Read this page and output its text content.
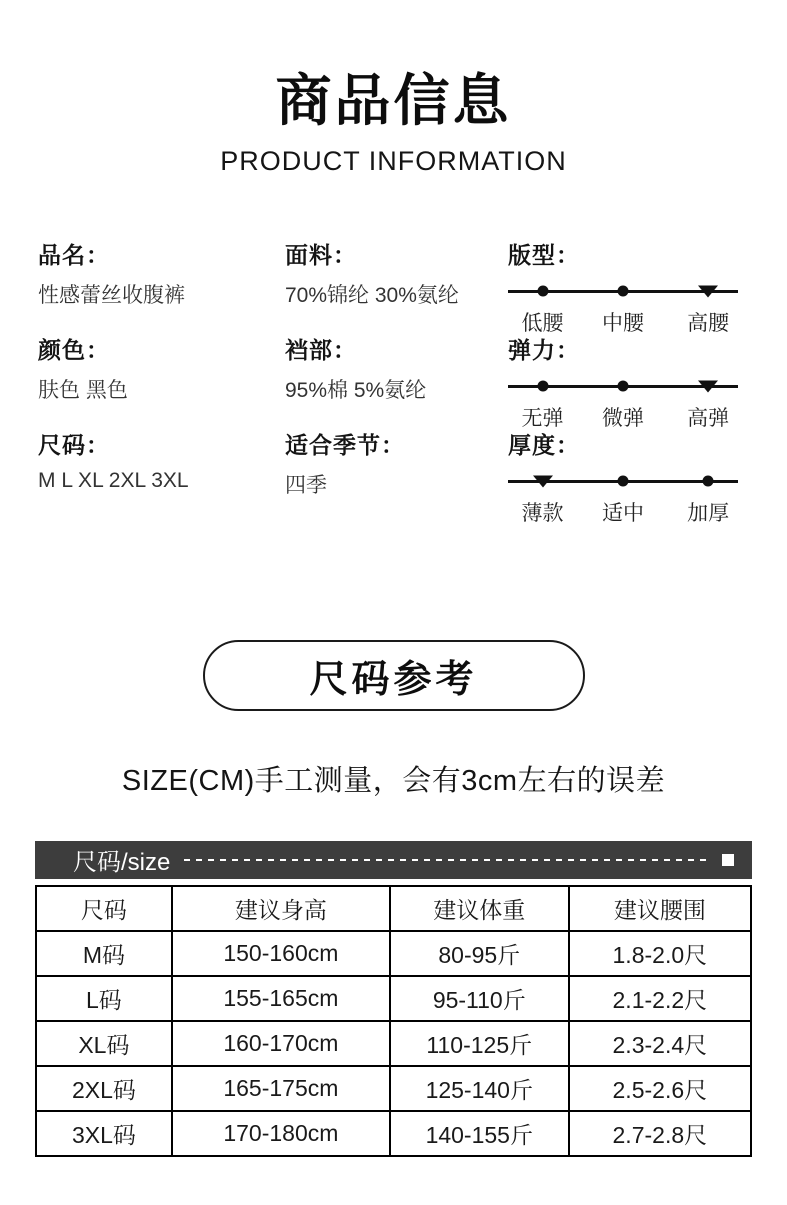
商品信息
PRODUCT INFORMATION
品名：
性感蕾丝收腹裤
面料：
70%锦纶 30%氨纶
版型：
低腰 中腰 高腰
颜色：
肤色 黑色
裆部：
95%棉 5%氨纶
弹力：
无弹 微弹 高弹
尺码：
M L XL 2XL 3XL
适合季节：
四季
厚度：
薄款 适中 加厚
尺码参考
SIZE(CM)手工测量，会有3cm左右的误差
尺码/size
尺码	建议身高	建议体重	建议腰围
M码	150-160cm	80-95斤	1.8-2.0尺
L码	155-165cm	95-110斤	2.1-2.2尺
XL码	160-170cm	110-125斤	2.3-2.4尺
2XL码	165-175cm	125-140斤	2.5-2.6尺
3XL码	170-180cm	140-155斤	2.7-2.8尺
